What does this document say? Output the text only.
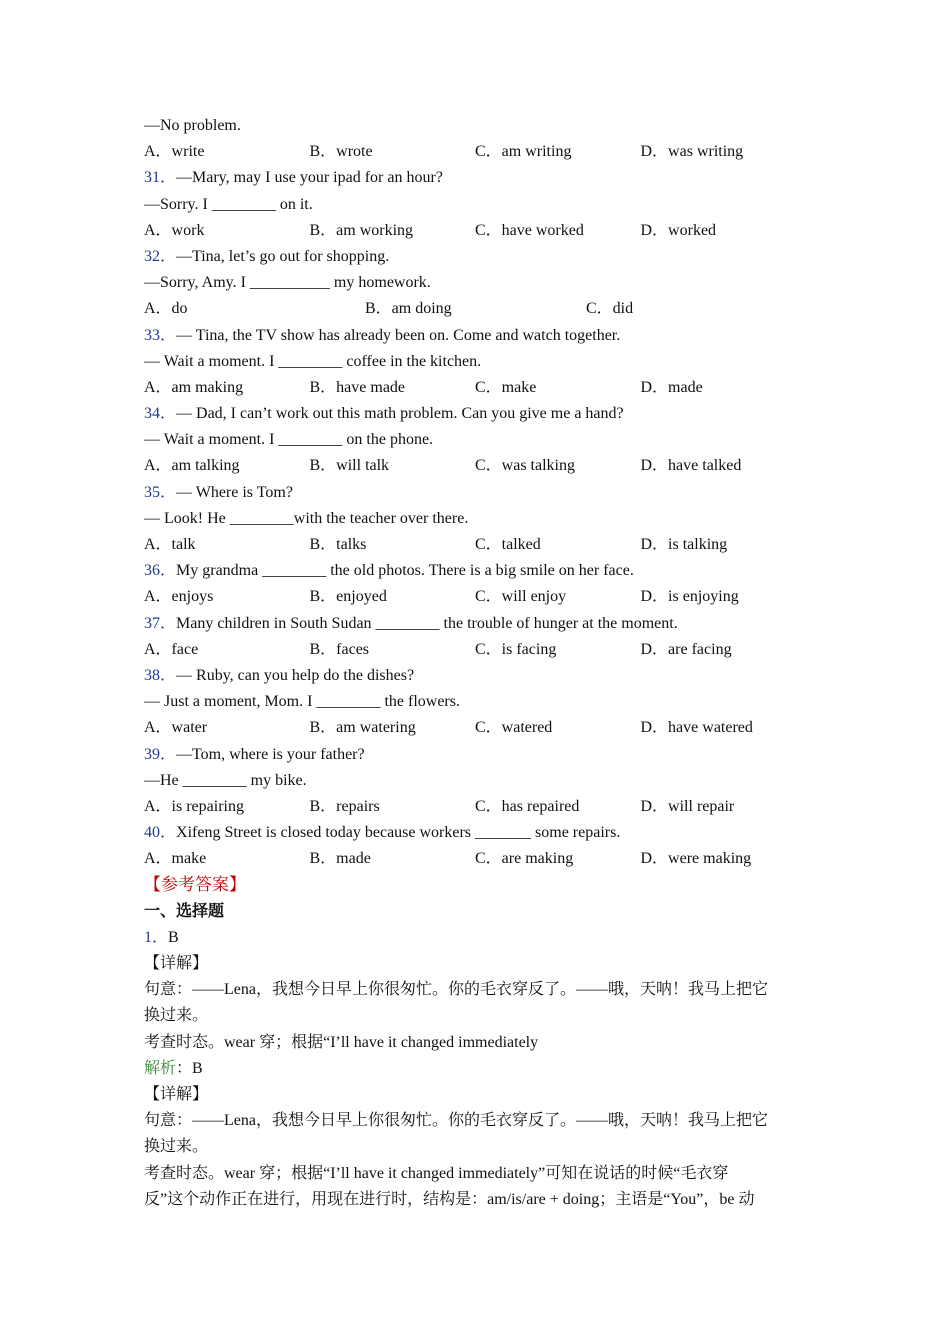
—No problem.
A．write	B．wrote	C．am writing	D．was writing
31．—Mary, may I use your ipad for an hour?
—Sorry. I ________ on it.
A．work	B．am working	C．have worked	D．worked
32．—Tina, let’s go out for shopping.
—Sorry, Amy. I __________ my homework.
A．do	B．am doing	C．did
33．— Tina, the TV show has already been on. Come and watch together.
— Wait a moment. I ________ coffee in the kitchen.
A．am making	B．have made	C．make	D．made
34．— Dad, I can’t work out this math problem. Can you give me a hand?
— Wait a moment. I ________ on the phone.
A．am talking	B．will talk	C．was talking	D．have talked
35．— Where is Tom?
— Look! He ________with the teacher over there.
A．talk	B．talks	C．talked	D．is talking
36．My grandma ________ the old photos. There is a big smile on her face.
A．enjoys	B．enjoyed	C．will enjoy	D．is enjoying
37．Many children in South Sudan ________ the trouble of hunger at the moment.
A．face	B．faces	C．is facing	D．are facing
38．— Ruby, can you help do the dishes?
— Just a moment, Mom. I ________ the flowers.
A．water	B．am watering	C．watered	D．have watered
39．—Tom, where is your father?
—He ________ my bike.
A．is repairing	B．repairs	C．has repaired	D．will repair
40．Xifeng Street is closed today because workers _______ some repairs.
A．make	B．made	C．are making	D．were making
【参考答案】
一、选择题
1．B
【详解】
句意：——Lena，我想今日早上你很匆忙。你的毛衣穿反了。——哦，天呐！我马上把它
换过来。
考查时态。wear 穿；根据“I’ll have it changed immediately
解析：B
【详解】
句意：——Lena，我想今日早上你很匆忙。你的毛衣穿反了。——哦，天呐！我马上把它
换过来。
考查时态。wear 穿；根据“I’ll have it changed immediately”可知在说话的时候“毛衣穿
反”这个动作正在进行，用现在进行时，结构是：am/is/are + doing；主语是“You”，be 动
